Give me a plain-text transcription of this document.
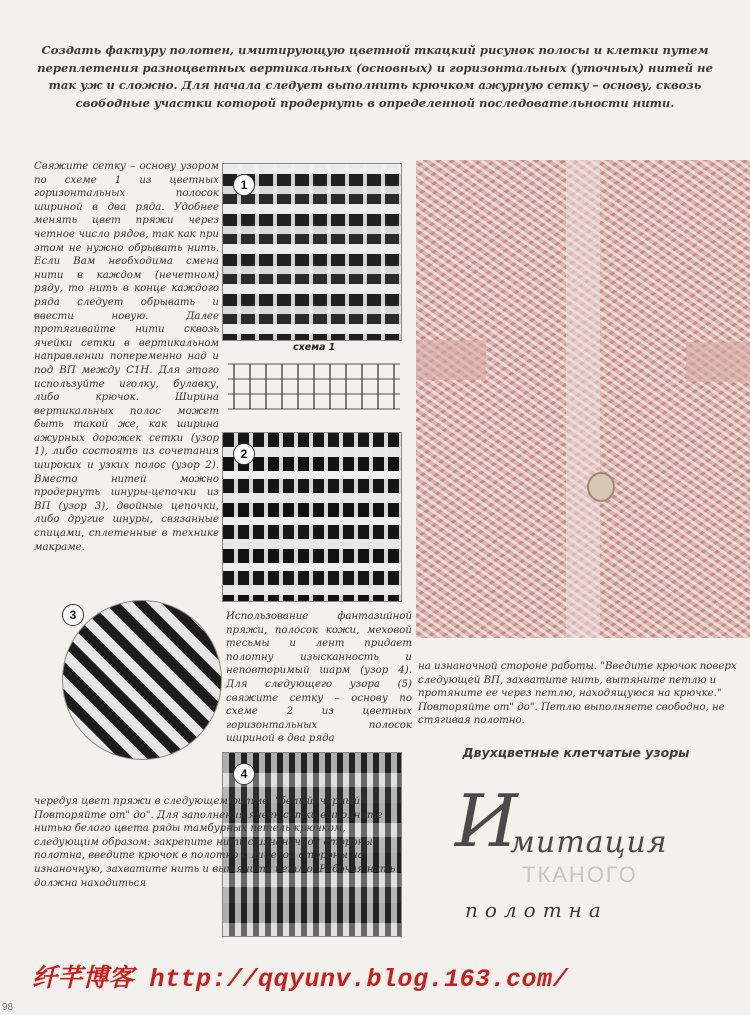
Создать фактуру полотен, имитирующую цветной ткацкий рисунок полосы и клетки путем переплетения разноцветных вертикальных (основных) и горизонтальных (уточных) нитей не так уж и сложно. Для начала следует выполнить крючком ажурную сетку – основу, сквозь свободные участки которой продернуть в определенной последовательности нити.
Свяжите сетку – основу узором по схеме 1 из цветных горизонтальных полосок шириной в два ряда. Удобнее менять цвет пряжи через четное число рядов, так как при этом не нужно обрывать нить. Если Вам необходима смена нити в каждом (нечетном) ряду, то нить в конце каждого ряда следует обрывать и ввести новую. Далее протягивайте нити сквозь ячейки сетки в вертикальном направлении попеременно над и под ВП между С1Н. Для этого используйте иголку, булавку, либо крючок. Ширина вертикальных полос может быть такой же, как ширина ажурных дорожек сетки (узор 1), либо состоять из сочетания широких и узких полос (узор 2). Вместо нитей можно продернуть шнуры-цепочки из ВП (узор 3), двойные цепочки, либо другие шнуры, связанные спицами, сплетенные в технике макраме.
1
схема 1
2
3	Использование фантазийной пряжи, полосок кожи, меховой тесьмы и лент придает полотну изысканность и неповторимый шарм (узор 4). Для следующего узора (5) свяжите сетку – основу по схеме 2 из цветных горизонтальных полосок шириной в два ряда
на изнаночной стороне работы. "Введите крючок поверх следующей ВП, захватите нить, вытяните петлю и протяните ее через петлю, находящуюся на крючке." Повторяйте от" до". Петлю выполняете свободно, не стягивая полотно.
Двухцветные клетчатые узоры
4
чередуя цвет пряжи в следующем ритме: "белый, черный". Повторяйте от" до". Для заполнения ячеек сетки выполните нитью белого цвета ряды тамбурных петель крючком, следующим образом: закрепите нить с изнаночной стороны полотна, введите крючок в полотно с лицевой стороны на изнаночную, захватите нить и вытяните петлю. Рабочая нить должна находиться
И
митация
ТКАНОГО
полотна
纤芊博客 http://qqyunv.blog.163.com/
98
